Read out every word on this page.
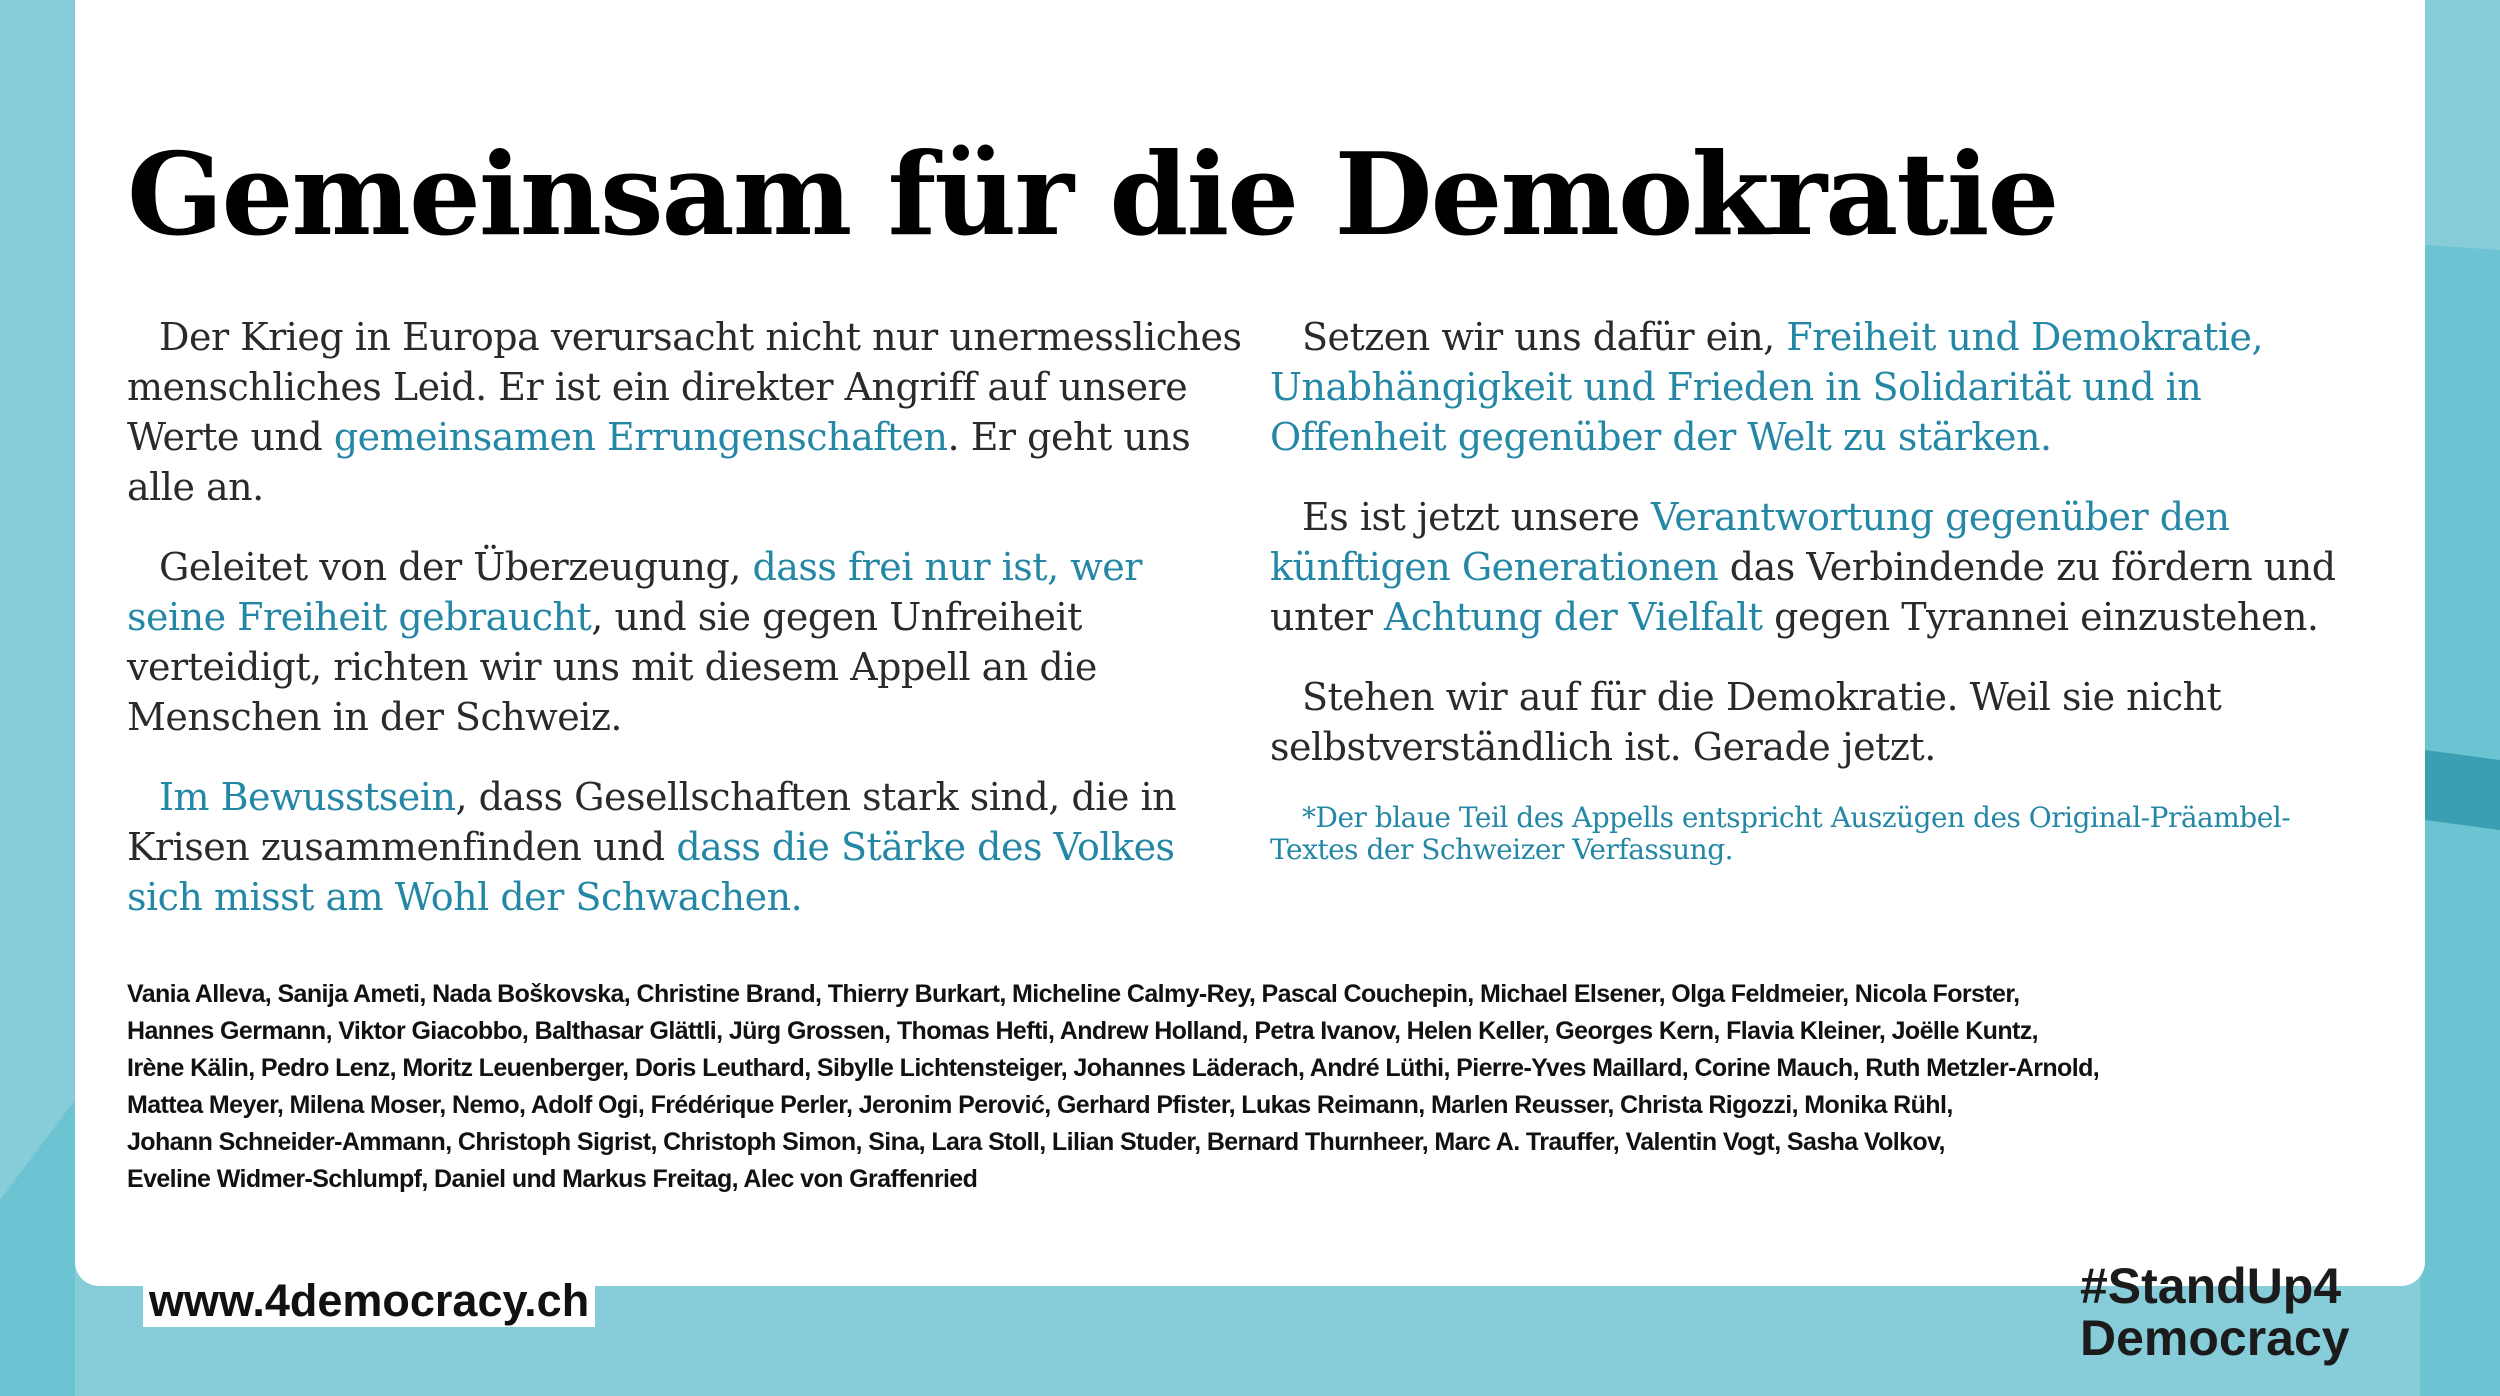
Gemeinsam für die Demokratie

Der Krieg in Europa verursacht nicht nur unermessliches menschliches Leid. Er ist ein direkter Angriff auf unsere Werte und gemeinsamen Errungenschaften. Er geht uns alle an.

Geleitet von der Überzeugung, dass frei nur ist, wer seine Freiheit gebraucht, und sie gegen Unfreiheit verteidigt, richten wir uns mit diesem Appell an die Menschen in der Schweiz.

Im Bewusstsein, dass Gesellschaften stark sind, die in Krisen zusammenfinden und dass die Stärke des Volkes sich misst am Wohl der Schwachen.

Setzen wir uns dafür ein, Freiheit und Demokratie, Unabhängigkeit und Frieden in Solidarität und in Offenheit gegenüber der Welt zu stärken.

Es ist jetzt unsere Verantwortung gegenüber den künftigen Generationen das Verbindende zu fördern und unter Achtung der Vielfalt gegen Tyrannei einzustehen.

Stehen wir auf für die Demokratie. Weil sie nicht selbstverständlich ist. Gerade jetzt.

*Der blaue Teil des Appells entspricht Auszügen des Original-Präambel-
Textes der Schweizer Verfassung.

Vania Alleva, Sanija Ameti, Nada Boškovska, Christine Brand, Thierry Burkart, Micheline Calmy-Rey, Pascal Couchepin, Michael Elsener, Olga Feldmeier, Nicola Forster,
Hannes Germann, Viktor Giacobbo, Balthasar Glättli, Jürg Grossen, Thomas Hefti, Andrew Holland, Petra Ivanov, Helen Keller, Georges Kern, Flavia Kleiner, Joëlle Kuntz,
Irène Kälin, Pedro Lenz, Moritz Leuenberger, Doris Leuthard, Sibylle Lichtensteiger, Johannes Läderach, André Lüthi, Pierre-Yves Maillard, Corine Mauch, Ruth Metzler-Arnold,
Mattea Meyer, Milena Moser, Nemo, Adolf Ogi, Frédérique Perler, Jeronim Perović, Gerhard Pfister, Lukas Reimann, Marlen Reusser, Christa Rigozzi, Monika Rühl,
Johann Schneider-Ammann, Christoph Sigrist, Christoph Simon, Sina, Lara Stoll, Lilian Studer, Bernard Thurnheer, Marc A. Trauffer, Valentin Vogt, Sasha Volkov,
Eveline Widmer-Schlumpf, Daniel und Markus Freitag, Alec von Graffenried
www.4democracy.ch	#StandUp4
Democracy
